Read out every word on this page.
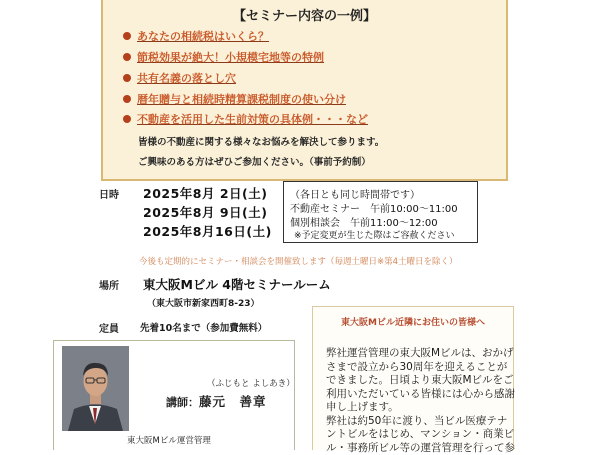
【セミナー内容の一例】
あなたの相続税はいくら？
節税効果が絶大！小規模宅地等の特例
共有名義の落とし穴
暦年贈与と相続時精算課税制度の使い分け
不動産を活用した生前対策の具体例・・・など
皆様の不動産に関する様々なお悩みを解決して参ります。
ご興味のある方はぜひご参加ください。（事前予約制）
日時 2025年8月 2日(土)
2025年8月 9日(土)
2025年8月16日(土)
（各日とも同じ時間帯です）
不動産セミナー　午前10:00～11:00
個別相談会　午前11:00～12:00
※予定変更が生じた際はご容赦ください
今後も定期的にセミナー・相談会を開催致します（毎週土曜日※第4土曜日を除く）
場所 東大阪Mビル 4階セミナールーム
（東大阪市新家西町8-23）
定員 先着10名まで（参加費無料）
（ふじもと よしあき）
講師：藤元　善章
東大阪Mビル運営管理
東大阪Mビル近隣にお住いの皆様へ
弊社運営管理の東大阪Mビルは、おかげ
さまで設立から30周年を迎えることが
できました。日頃より東大阪Mビルをご
利用いただいている皆様には心から感謝
申し上げます。
弊社は約50年に渡り、当ビル医療テナ
ントビルをはじめ、マンション・商業ビ
ル・事務所ビル等の運営管理を行って参
